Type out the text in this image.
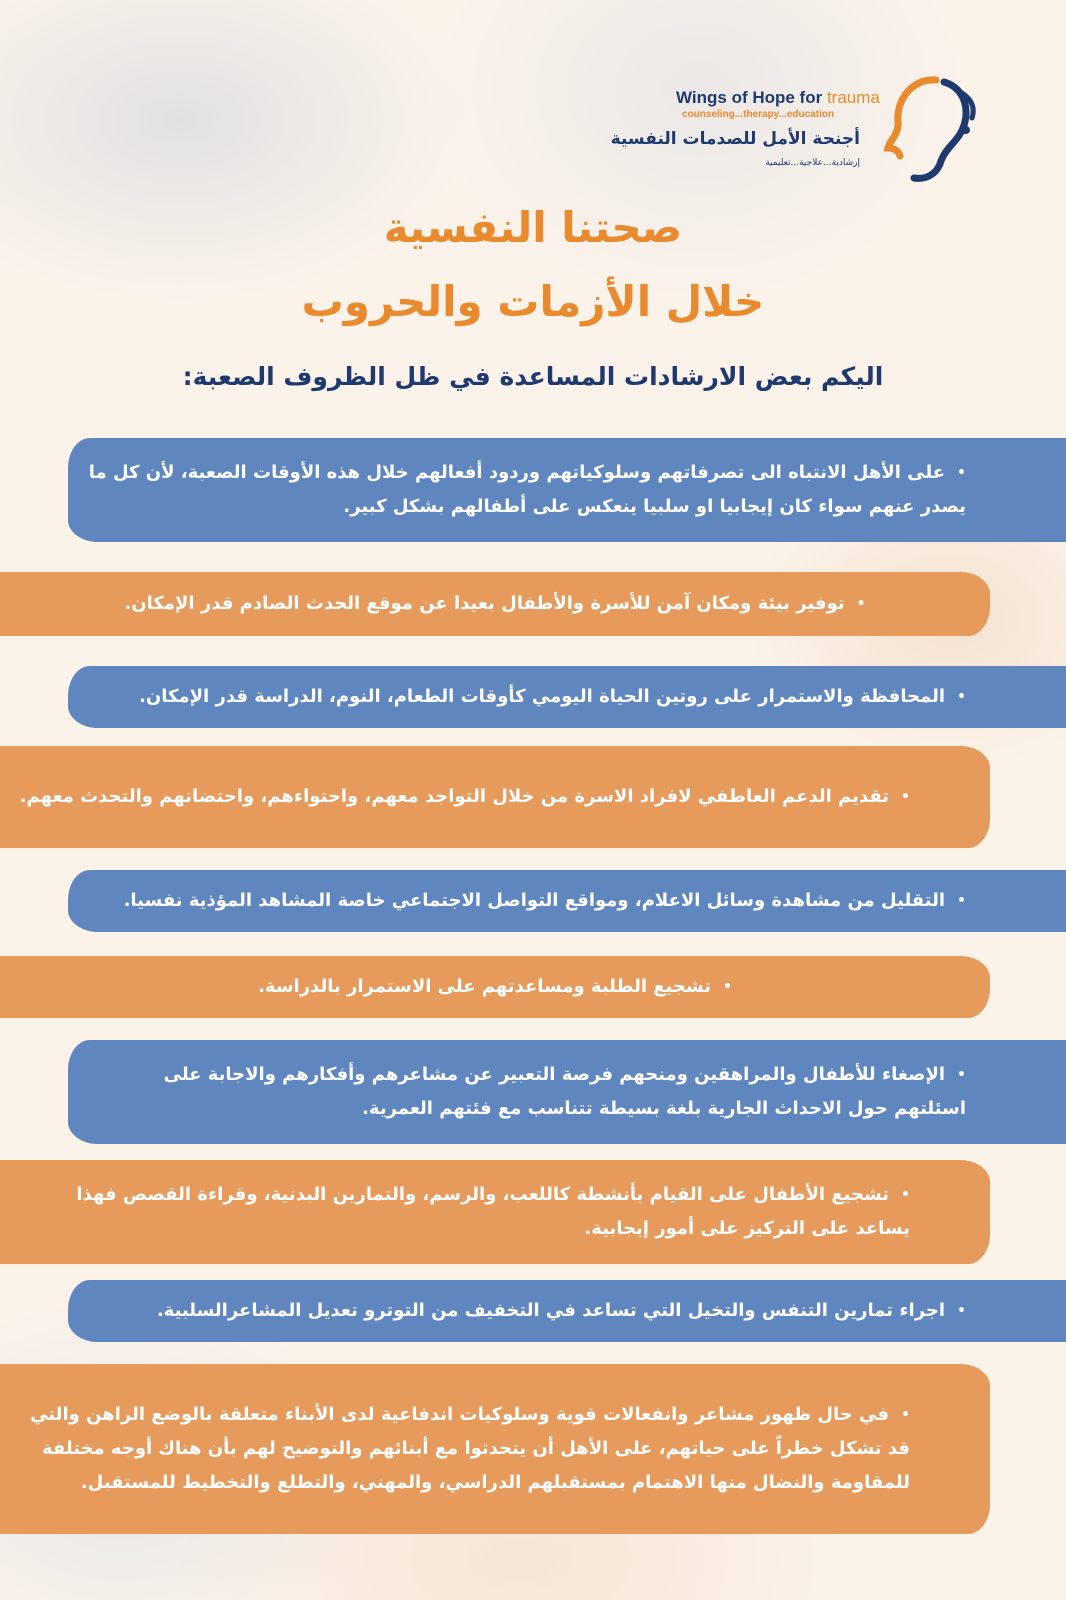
Wings of Hope for trauma
counseling...therapy...education
أجنحة الأمل للصدمات النفسية
إرشادية...علاجية...تعليمية
صحتنا النفسية
خلال الأزمات والحروب
اليكم بعض الارشادات المساعدة في ظل الظروف الصعبة:
•على الأهل الانتباه الى تصرفاتهم وسلوكياتهم وردود أفعالهم خلال هذه الأوقات الصعبة، لأن كل ما يصدر عنهم سواء كان إيجابيا او سلبيا ينعكس على أطفالهم بشكل كبير.
•توفير بيئة ومكان آمن للأسرة والأطفال بعيدا عن موقع الحدث الصادم قدر الإمكان.
•المحافظة والاستمرار على روتين الحياة اليومي كأوقات الطعام، النوم، الدراسة قدر الإمكان.
•تقديم الدعم العاطفي لافراد الاسرة من خلال التواجد معهم، واحتواءهم، واحتضانهم والتحدث معهم.
•التقليل من مشاهدة وسائل الاعلام، ومواقع التواصل الاجتماعي خاصة المشاهد المؤذية نفسيا.
•تشجيع الطلبة ومساعدتهم على الاستمرار بالدراسة.
•الإصغاء للأطفال والمراهقين ومنحهم فرصة التعبير عن مشاعرهم وأفكارهم والاجابة على اسئلتهم حول الاحداث الجارية بلغة بسيطة تتناسب مع فئتهم العمرية.
•تشجيع الأطفال على القيام بأنشطة كاللعب، والرسم، والتمارين البدنية، وقراءة القصص فهذا يساعد على التركيز على أمور إيجابية.
•اجراء تمارين التنفس والتخيل التي تساعد في التخفيف من التوترو تعديل المشاعرالسلبية.
•في حال ظهور مشاعر وانفعالات قوية وسلوكيات اندفاعية لدى الأبناء متعلقة بالوضع الراهن والتي قد تشكل خطراً على حياتهم، على الأهل أن يتحدثوا مع أبنائهم والتوضيح لهم بأن هناك أوجه مختلفة للمقاومة والنضال منها الاهتمام بمستقبلهم الدراسي، والمهني، والتطلع والتخطيط للمستقبل.
